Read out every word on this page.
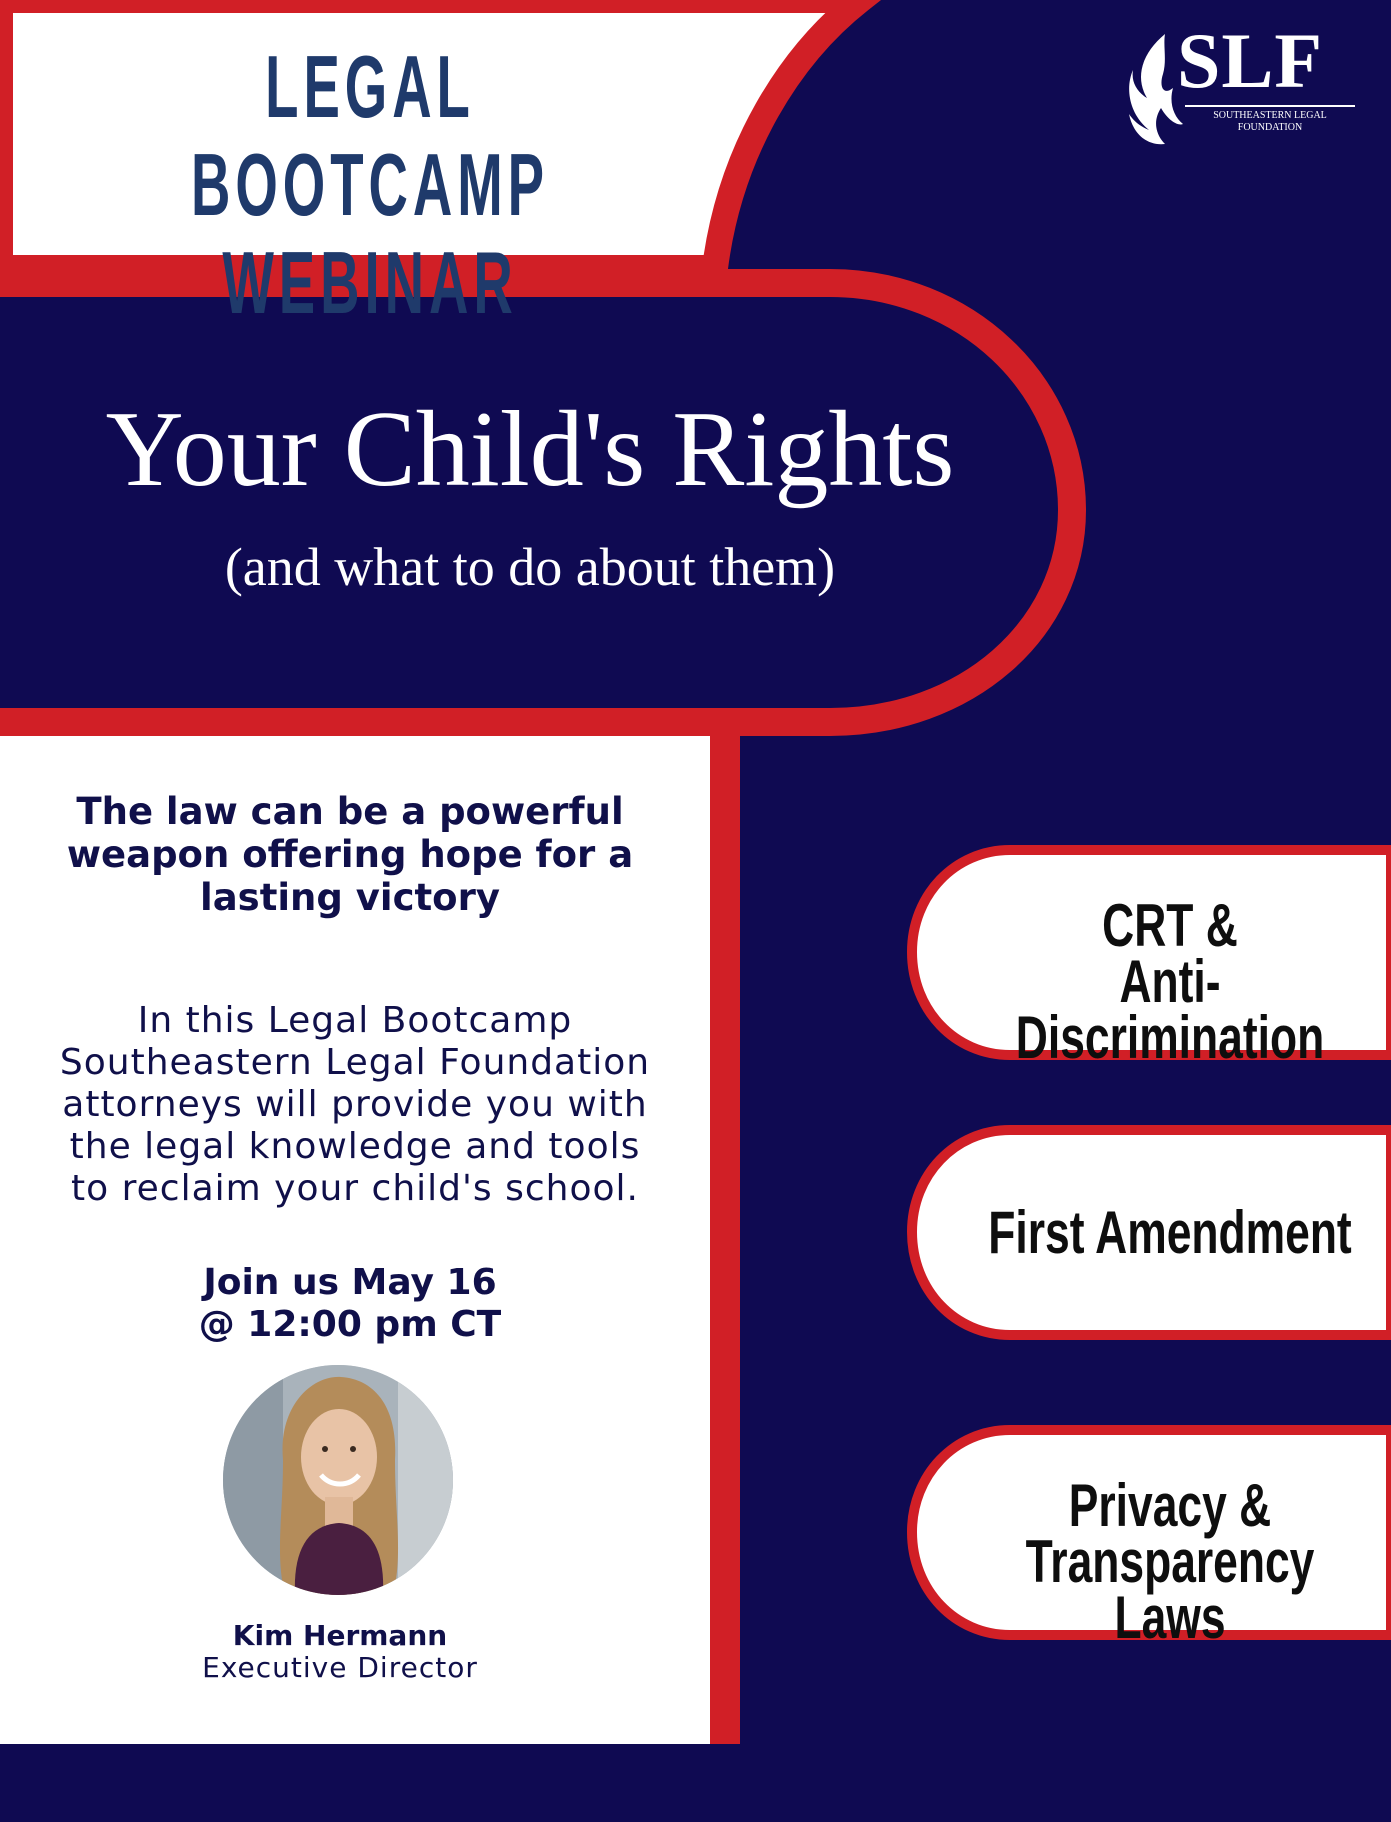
LEGAL BOOTCAMP
WEBINAR
SLF
SOUTHEASTERN LEGAL
FOUNDATION
Your Child's Rights
(and what to do about them)
The law can be a powerful
weapon offering hope for a
lasting victory
In this Legal Bootcamp
Southeastern Legal Foundation
attorneys will provide you with
the legal knowledge and tools
to reclaim your child's school.
Join us May 16
@ 12:00 pm CT
Kim Hermann
Executive Director
CRT &
Anti-Discrimination
First Amendment
Privacy &
Transparency Laws
